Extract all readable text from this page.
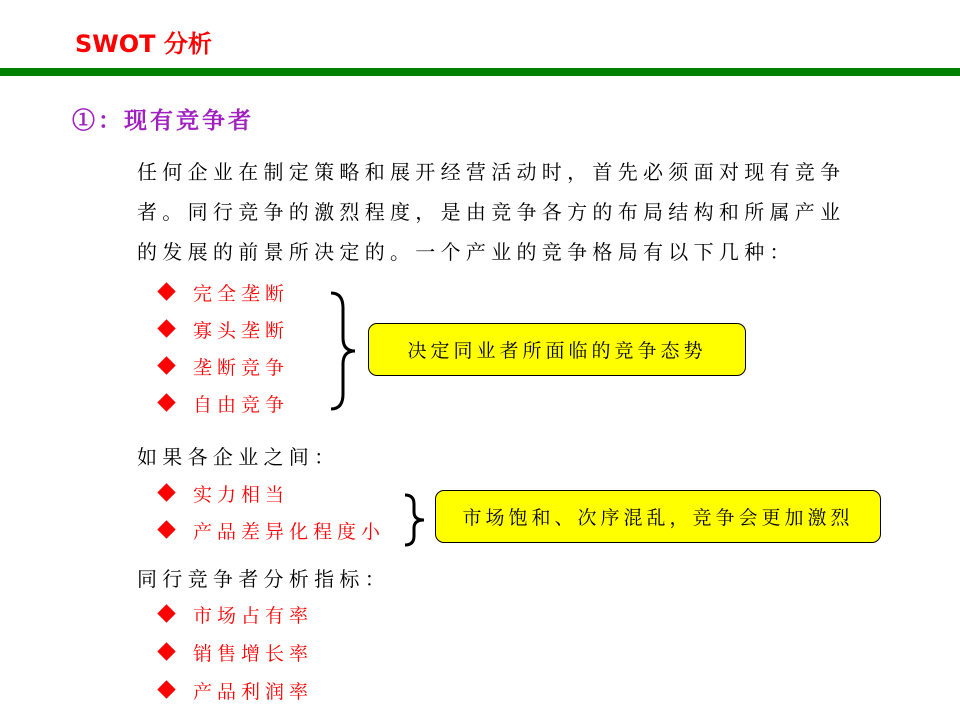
SWOT 分析
①：现有竞争者
任何企业在制定策略和展开经营活动时，首先必须面对现有竞争
者。同行竞争的激烈程度，是由竞争各方的布局结构和所属产业
的发展的前景所决定的。一个产业的竞争格局有以下几种：
完全垄断
寡头垄断
垄断竞争
自由竞争
决定同业者所面临的竞争态势
如果各企业之间：
实力相当
产品差异化程度小
市场饱和、次序混乱，竞争会更加激烈
同行竞争者分析指标：
市场占有率
销售增长率
产品利润率
